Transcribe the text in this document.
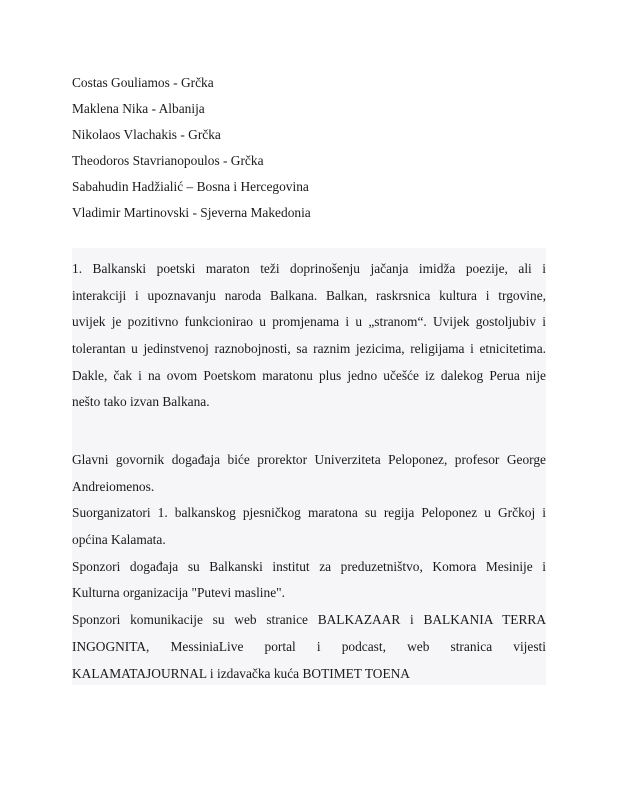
Costas Gouliamos - Grčka
Maklena Nika - Albanija
Nikolaos Vlachakis - Grčka
Theodoros Stavrianopoulos - Grčka
Sabahudin Hadžialić – Bosna i Hercegovina
Vladimir Martinovski - Sjeverna Makedonia
1. Balkanski poetski maraton teži doprinošenju jačanja imidža poezije, ali i
interakciji i upoznavanju naroda Balkana. Balkan, raskrsnica kultura i trgovine,
uvijek je pozitivno funkcionirao u promjenama i u „stranom“. Uvijek gostoljubiv i
tolerantan u jedinstvenoj raznobojnosti, sa raznim jezicima, religijama i etnicitetima.
Dakle, čak i na ovom Poetskom maratonu plus jedno učešće iz dalekog Perua nije
nešto tako izvan Balkana.
Glavni govornik događaja biće prorektor Univerziteta Peloponez, profesor George
Andreiomenos.
Suorganizatori 1. balkanskog pjesničkog maratona su regija Peloponez u Grčkoj i
općina Kalamata.
Sponzori događaja su Balkanski institut za preduzetništvo, Komora Mesinije i
Kulturna organizacija "Putevi masline".
Sponzori komunikacije su web stranice BALKAZAAR i BALKANIA TERRA
INGOGNITA, MessiniaLive portal i podcast, web stranica vijesti
KALAMATAJOURNAL i izdavačka kuća BOTIMET TOENA
